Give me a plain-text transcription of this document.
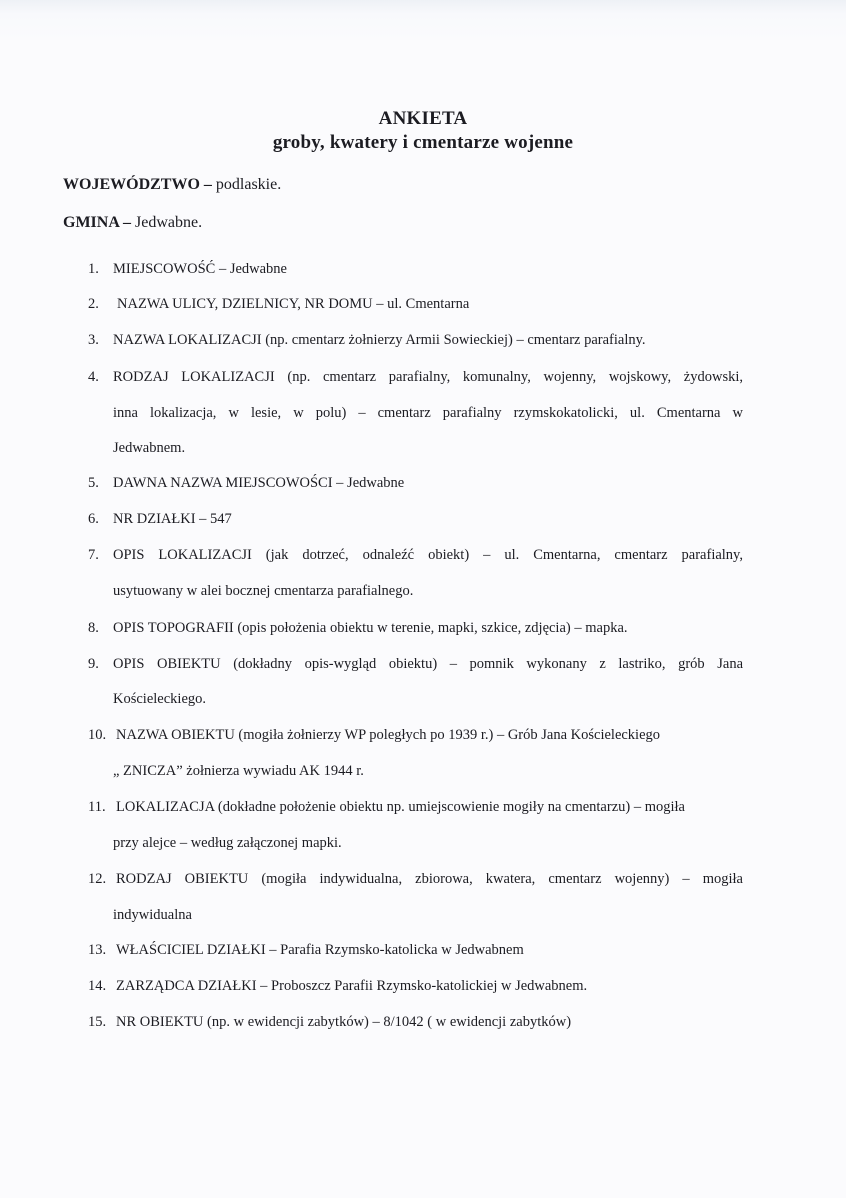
ANKIETA
groby, kwatery i cmentarze wojenne
WOJEWÓDZTWO – podlaskie.
GMINA – Jedwabne.
1. MIEJSCOWOŚĆ – Jedwabne
2. NAZWA ULICY, DZIELNICY, NR DOMU – ul. Cmentarna
3. NAZWA LOKALIZACJI (np. cmentarz żołnierzy Armii Sowieckiej) – cmentarz parafialny.
4. RODZAJ LOKALIZACJI (np. cmentarz parafialny, komunalny, wojenny, wojskowy, żydowski,
inna lokalizacja, w lesie, w polu) – cmentarz parafialny rzymskokatolicki, ul. Cmentarna w
Jedwabnem.
5. DAWNA NAZWA MIEJSCOWOŚCI – Jedwabne
6. NR DZIAŁKI – 547
7. OPIS LOKALIZACJI (jak dotrzeć, odnaleźć obiekt) – ul. Cmentarna, cmentarz parafialny,
usytuowany w alei bocznej cmentarza parafialnego.
8. OPIS TOPOGRAFII (opis położenia obiektu w terenie, mapki, szkice, zdjęcia) – mapka.
9. OPIS OBIEKTU (dokładny opis-wygląd obiektu) – pomnik wykonany z lastriko, grób Jana
Kościeleckiego.
10. NAZWA OBIEKTU (mogiła żołnierzy WP poległych po 1939 r.) – Grób Jana Kościeleckiego
„ ZNICZA” żołnierza wywiadu AK 1944 r.
11. LOKALIZACJA (dokładne położenie obiektu np. umiejscowienie mogiły na cmentarzu) – mogiła
przy alejce – według załączonej mapki.
12. RODZAJ OBIEKTU (mogiła indywidualna, zbiorowa, kwatera, cmentarz wojenny) – mogiła
indywidualna
13. WŁAŚCICIEL DZIAŁKI – Parafia Rzymsko-katolicka w Jedwabnem
14. ZARZĄDCA DZIAŁKI – Proboszcz Parafii Rzymsko-katolickiej w Jedwabnem.
15. NR OBIEKTU (np. w ewidencji zabytków) – 8/1042 ( w ewidencji zabytków)
